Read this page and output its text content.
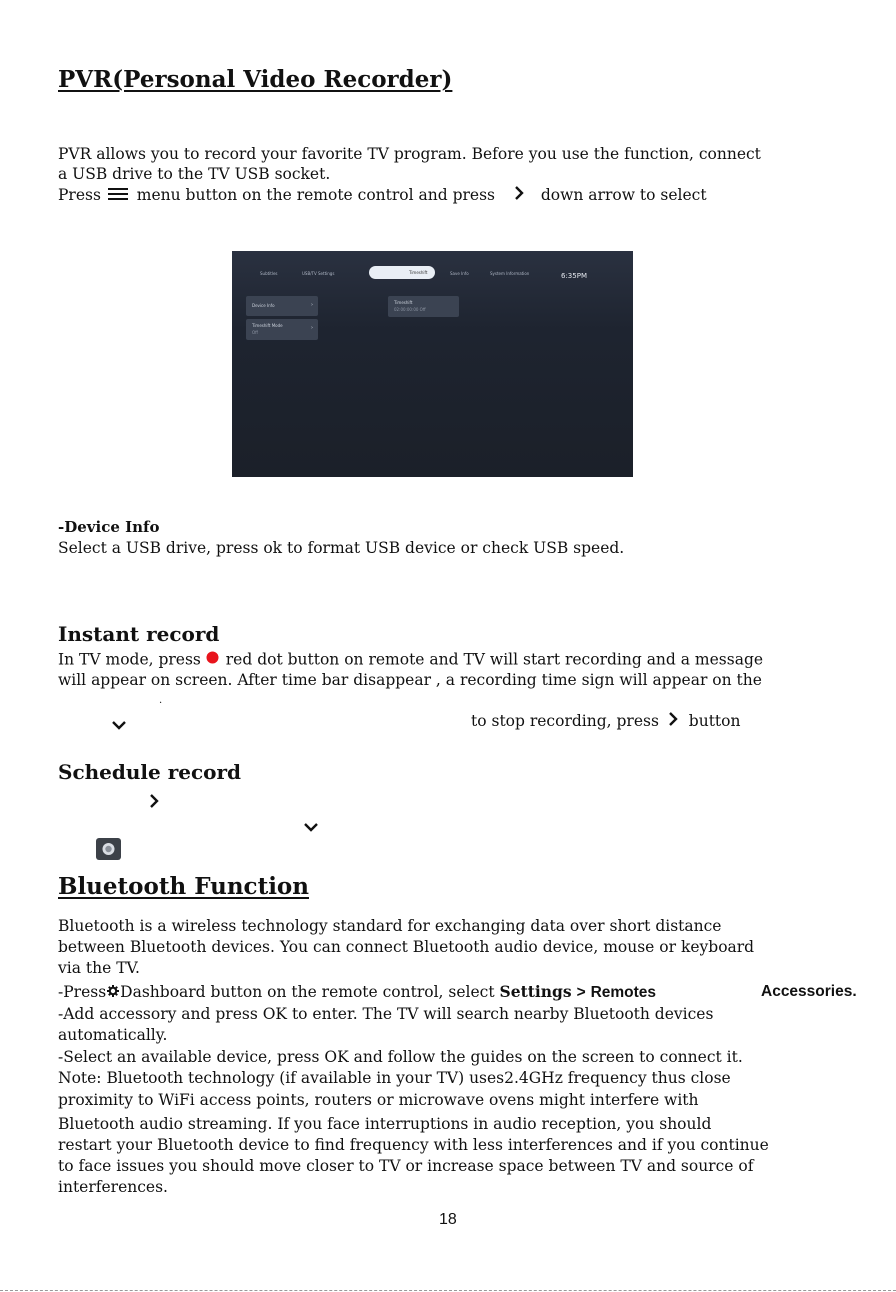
PVR(Personal Video Recorder)
PVR allows you to record your favorite TV program. Before you use the function, connect
a USB drive to the TV USB socket.
Press menu button on the remote control and press	down arrow to select
Subtitles	USB/TV Settings	Timeshift	Save Info	System Information	6:35PM
Device Info	›
Timeshift Mode
Off
›
Timeshift
02:00:00:00 Off
-Device Info
Select a USB drive, press ok to format USB device or check USB speed.
Instant record
In TV mode, press red dot button on remote and TV will start recording and a message
will appear on screen. After time bar disappear , a recording time sign will appear on the
.
to stop recording, press button
Schedule record
Bluetooth Function
Bluetooth is a wireless technology standard for exchanging data over short distance
between Bluetooth devices. You can connect Bluetooth audio device, mouse or keyboard
via the TV.
-Press Dashboard button on the remote control, select Settings > Remotes	Accessories.
-Add accessory and press OK to enter. The TV will search nearby Bluetooth devices
automatically.
-Select an available device, press OK and follow the guides on the screen to connect it.
Note: Bluetooth technology (if available in your TV) uses2.4GHz frequency thus close
proximity to WiFi access points, routers or microwave ovens might interfere with
Bluetooth audio streaming. If you face interruptions in audio reception, you should
restart your Bluetooth device to find frequency with less interferences and if you continue
to face issues you should move closer to TV or increase space between TV and source of
interferences.
18
